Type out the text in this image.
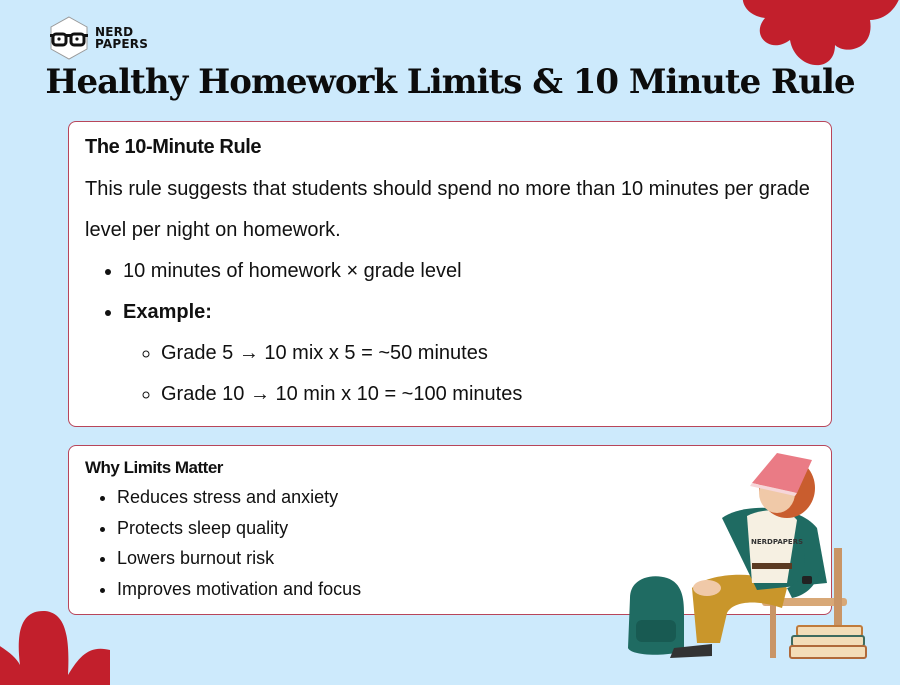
NERD
PAPERS
Healthy Homework Limits & 10 Minute Rule
The 10-Minute Rule

This rule suggests that students should spend no more than 10 minutes per grade level per night on homework.

• 10 minutes of homework × grade level
• Example:
◦ Grade 5 → 10 mix x 5 = ~50 minutes
◦ Grade 10 → 10 min x 10 = ~100 minutes
Why Limits Matter
• Reduces stress and anxiety
• Protects sleep quality
• Lowers burnout risk
• Improves motivation and focus
NERDPAPERS
